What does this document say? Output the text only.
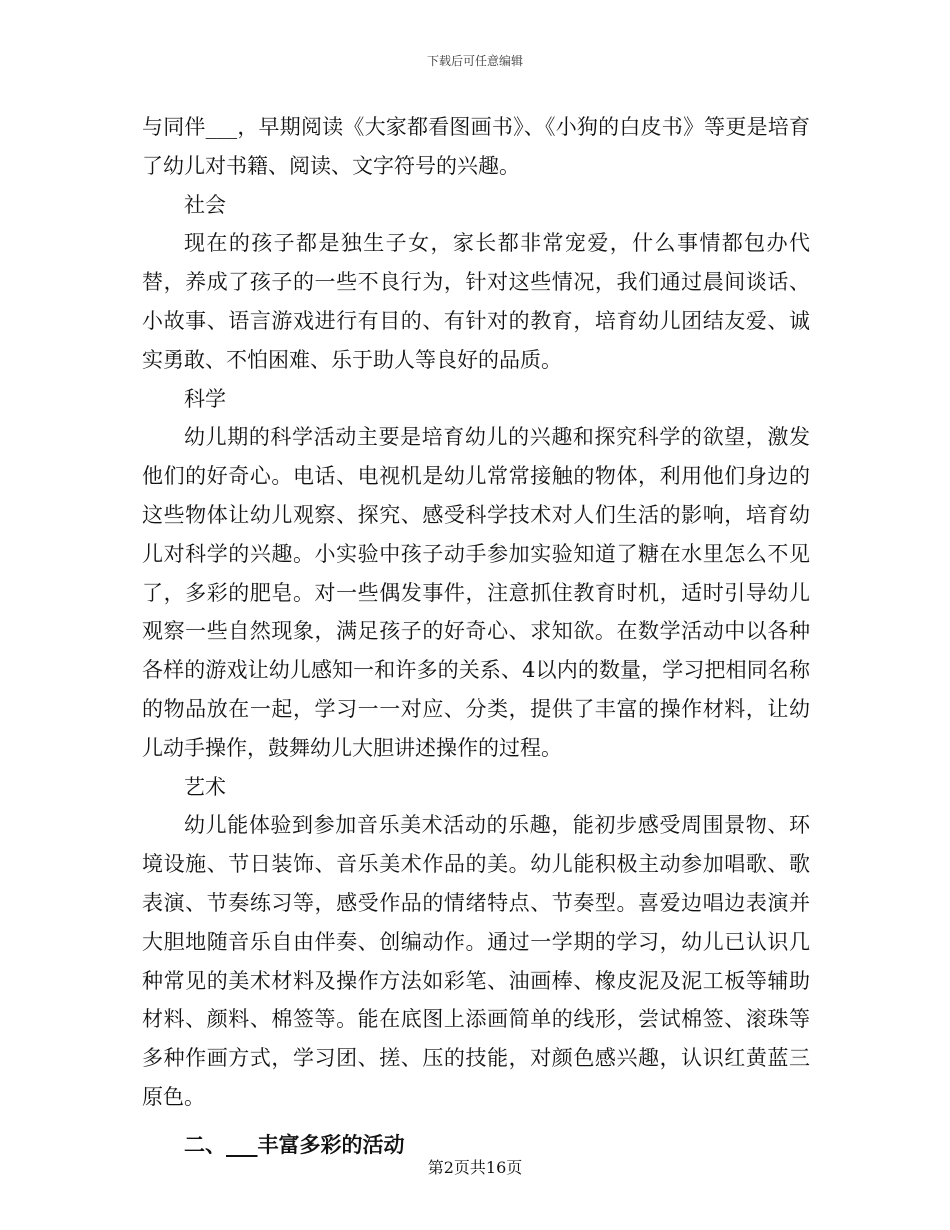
下载后可任意编辑

与同伴___，早期阅读《大家都看图画书》、《小狗的白皮书》等更是培育了幼儿对书籍、阅读、文字符号的兴趣。

社会

现在的孩子都是独生子女，家长都非常宠爱，什么事情都包办代替，养成了孩子的一些不良行为，针对这些情况，我们通过晨间谈话、小故事、语言游戏进行有目的、有针对的教育，培育幼儿团结友爱、诚实勇敢、不怕困难、乐于助人等良好的品质。

科学

幼儿期的科学活动主要是培育幼儿的兴趣和探究科学的欲望，激发他们的好奇心。电话、电视机是幼儿常常接触的物体，利用他们身边的这些物体让幼儿观察、探究、感受科学技术对人们生活的影响，培育幼儿对科学的兴趣。小实验中孩子动手参加实验知道了糖在水里怎么不见了，多彩的肥皂。对一些偶发事件，注意抓住教育时机，适时引导幼儿观察一些自然现象，满足孩子的好奇心、求知欲。在数学活动中以各种各样的游戏让幼儿感知一和许多的关系、4以内的数量，学习把相同名称的物品放在一起，学习一一对应、分类，提供了丰富的操作材料，让幼儿动手操作，鼓舞幼儿大胆讲述操作的过程。

艺术

幼儿能体验到参加音乐美术活动的乐趣，能初步感受周围景物、环境设施、节日装饰、音乐美术作品的美。幼儿能积极主动参加唱歌、歌表演、节奏练习等，感受作品的情绪特点、节奏型。喜爱边唱边表演并大胆地随音乐自由伴奏、创编动作。通过一学期的学习，幼儿已认识几种常见的美术材料及操作方法如彩笔、油画棒、橡皮泥及泥工板等辅助材料、颜料、棉签等。能在底图上添画简单的线形，尝试棉签、滚珠等多种作画方式，学习团、搓、压的技能，对颜色感兴趣，认识红黄蓝三原色。

二、___丰富多彩的活动

第2页共16页
